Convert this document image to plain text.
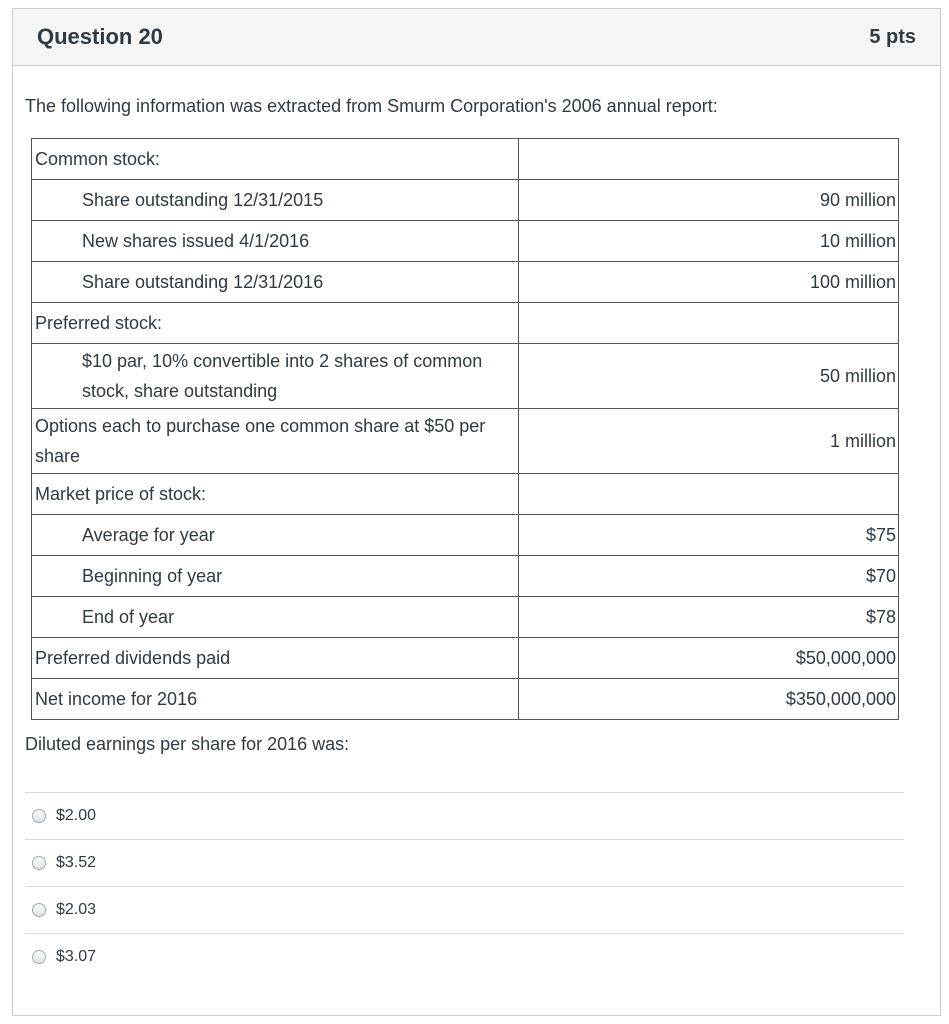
Question 20	5 pts
The following information was extracted from Smurm Corporation's 2006 annual report:
Common stock:	
Share outstanding 12/31/2015	90 million
New shares issued 4/1/2016	10 million
Share outstanding 12/31/2016	100 million
Preferred stock:	
$10 par, 10% convertible into 2 shares of common stock, share outstanding	50 million
Options each to purchase one common share at $50 per share	1 million
Market price of stock:	
Average for year	$75
Beginning of year	$70
End of year	$78
Preferred dividends paid	$50,000,000
Net income for 2016	$350,000,000
Diluted earnings per share for 2016 was:
$2.00
$3.52
$2.03
$3.07
